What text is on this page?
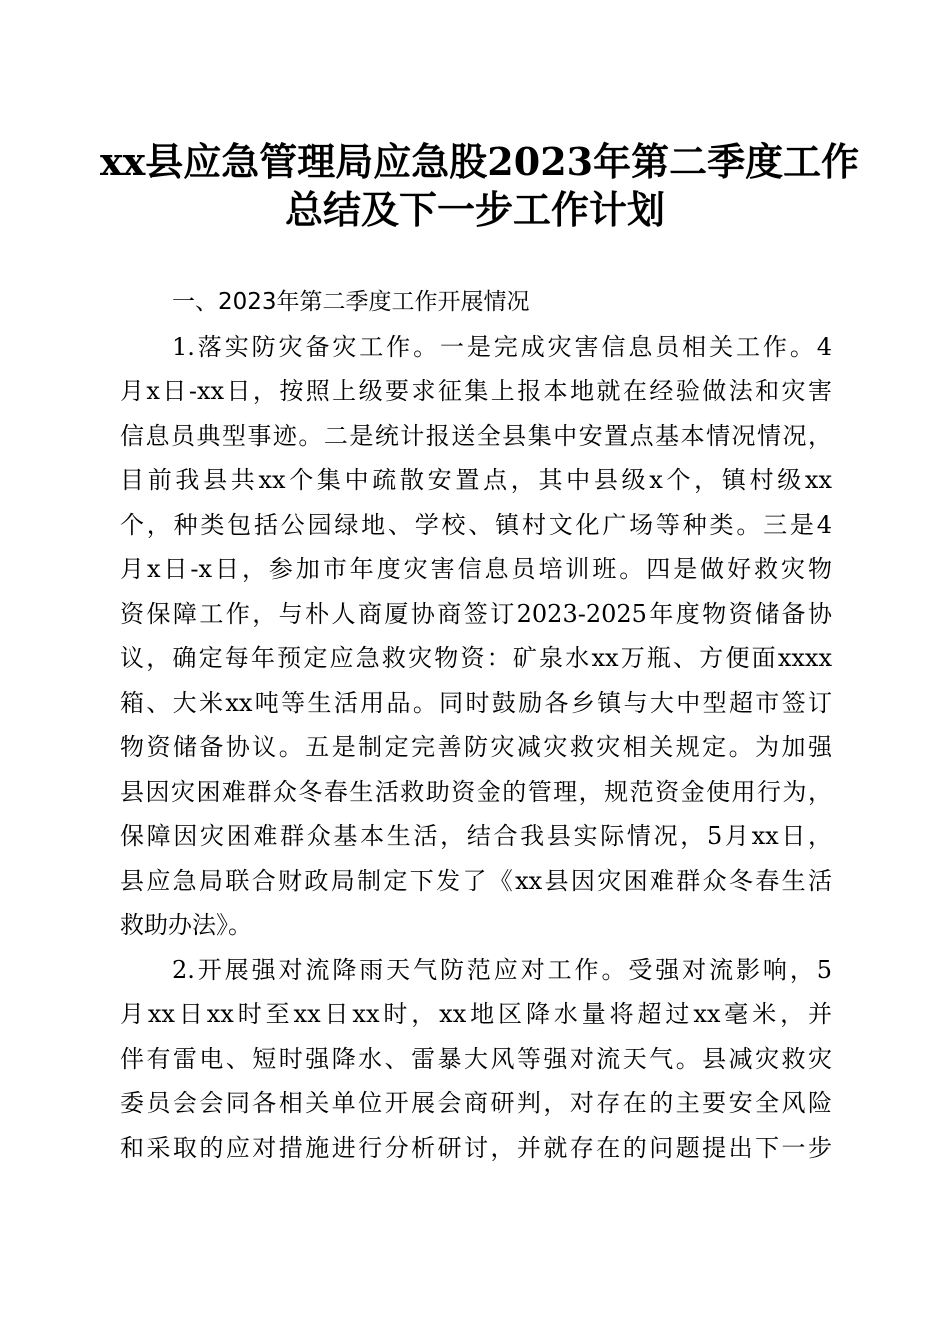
xx县应急管理局应急股2023年第二季度工作
总结及下一步工作计划
一、2023年第二季度工作开展情况

1.落实防灾备灾工作。一是完成灾害信息员相关工作。4
月x日-xx日，按照上级要求征集上报本地就在经验做法和灾害
信息员典型事迹。二是统计报送全县集中安置点基本情况情况，
目前我县共xx个集中疏散安置点，其中县级x个，镇村级xx
个，种类包括公园绿地、学校、镇村文化广场等种类。三是4
月x日-x日，参加市年度灾害信息员培训班。四是做好救灾物
资保障工作，与朴人商厦协商签订2023-2025年度物资储备协
议，确定每年预定应急救灾物资：矿泉水xx万瓶、方便面xxxx
箱、大米xx吨等生活用品。同时鼓励各乡镇与大中型超市签订
物资储备协议。五是制定完善防灾减灾救灾相关规定。为加强
县因灾困难群众冬春生活救助资金的管理，规范资金使用行为，
保障因灾困难群众基本生活，结合我县实际情况，5月xx日，
县应急局联合财政局制定下发了《xx县因灾困难群众冬春生活
救助办法》。

2.开展强对流降雨天气防范应对工作。受强对流影响，5
月xx日xx时至xx日xx时，xx地区降水量将超过xx毫米，并
伴有雷电、短时强降水、雷暴大风等强对流天气。县减灾救灾
委员会会同各相关单位开展会商研判，对存在的主要安全风险
和采取的应对措施进行分析研讨，并就存在的问题提出下一步
